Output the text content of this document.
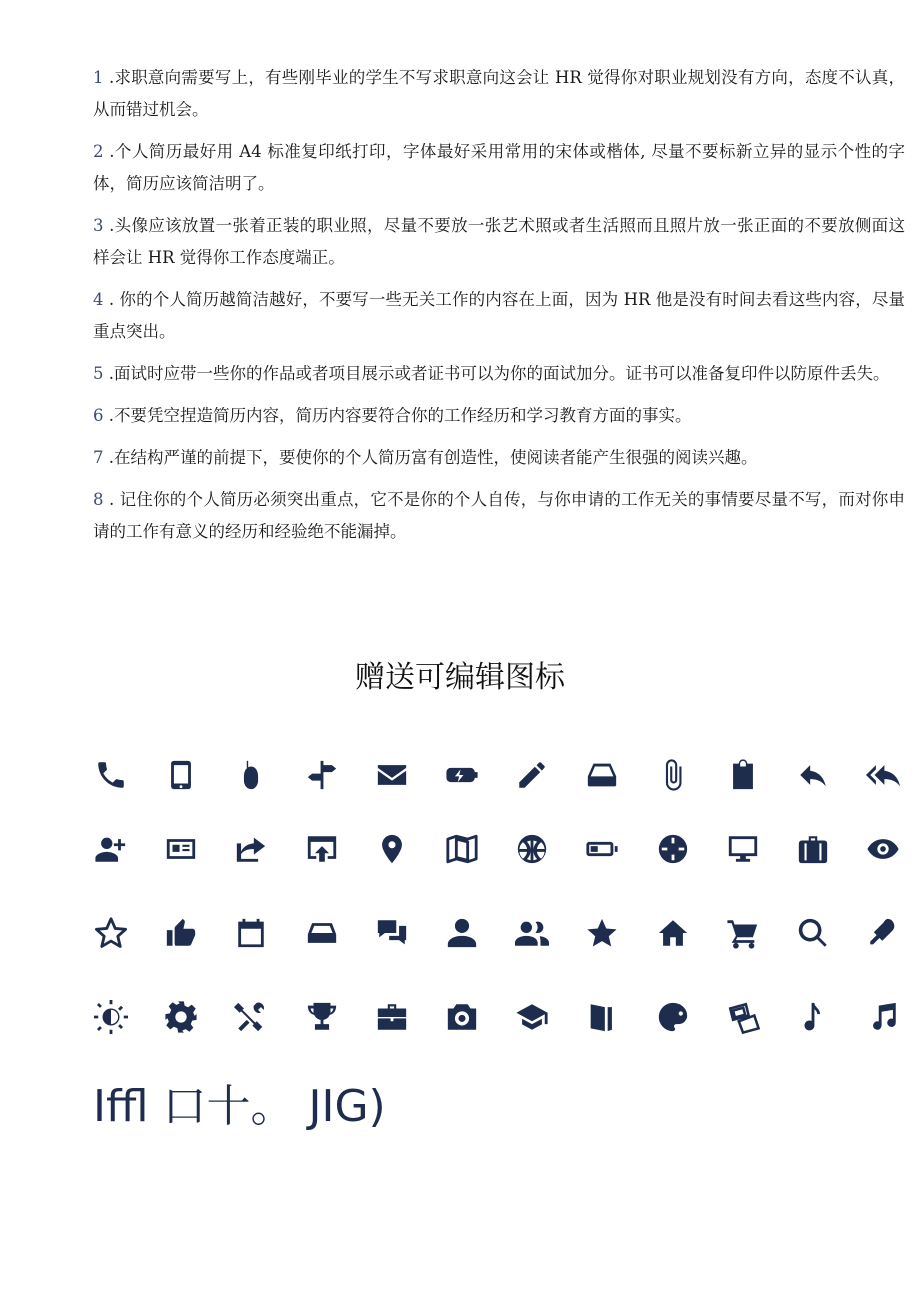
1 .求职意向需要写上，有些刚毕业的学生不写求职意向这会让 HR 觉得你对职业规划没有方向，态度不认真，从而错过机会。

2 .个人简历最好用 A4 标准复印纸打印，字体最好采用常用的宋体或楷体, 尽量不要标新立异的显示个性的字体，简历应该简洁明了。

3 .头像应该放置一张着正装的职业照，尽量不要放一张艺术照或者生活照而且照片放一张正面的不要放侧面这样会让 HR 觉得你工作态度端正。

4 . 你的个人简历越简洁越好，不要写一些无关工作的内容在上面，因为 HR 他是没有时间去看这些内容，尽量重点突出。

5 .面试时应带一些你的作品或者项目展示或者证书可以为你的面试加分。证书可以准备复印件以防原件丢失。

6 .不要凭空捏造简历内容，简历内容要符合你的工作经历和学习教育方面的事实。

7 .在结构严谨的前提下，要使你的个人简历富有创造性，使阅读者能产生很强的阅读兴趣。

8 . 记住你的个人简历必须突出重点，它不是你的个人自传，与你申请的工作无关的事情要尽量不写，而对你申请的工作有意义的经历和经验绝不能漏掉。

赠送可编辑图标
Iffl 口十。 JIG)
